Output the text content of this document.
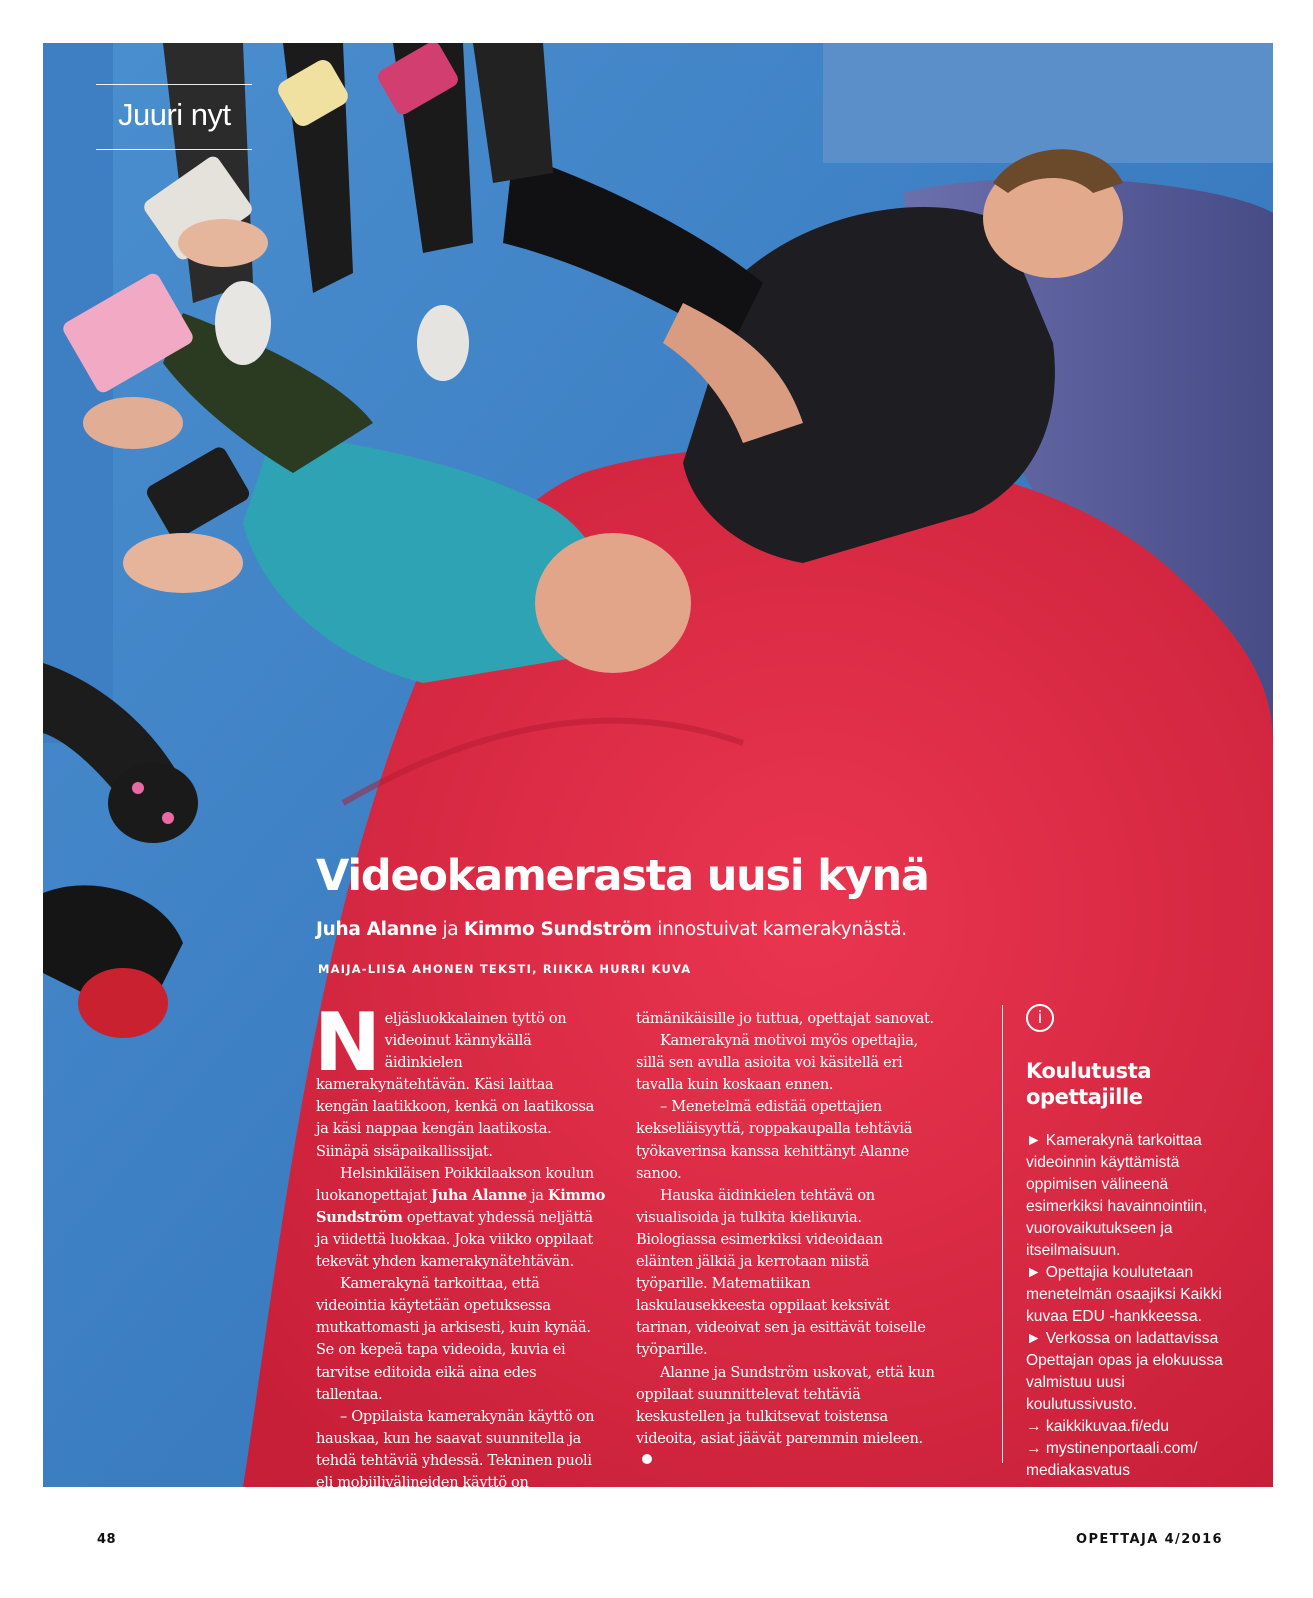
Juuri nyt
Videokamerasta uusi kynä
Juha Alanne ja Kimmo Sundström innostuivat kamerakynästä.
MAIJA-LIISA AHONEN TEKSTI, RIIKKA HURRI KUVA

Neljäsluokkalainen tyttö on videoinut kännykällä äidinkielen kamerakynätehtävän. Käsi laittaa kengän laatikkoon, kenkä on laatikossa ja käsi nappaa kengän laatikosta. Siinäpä sisäpaikallissijat.

Helsinkiläisen Poikkilaakson koulun luokanopettajat Juha Alanne ja Kimmo Sundström opettavat yhdessä neljättä ja viidettä luokkaa. Joka viikko oppilaat tekevät yhden kamerakynätehtävän.

Kamerakynä tarkoittaa, että videointia käytetään opetuksessa mutkattomasti ja arkisesti, kuin kynää. Se on kepeä tapa videoida, kuvia ei tarvitse editoida eikä aina edes tallentaa.

– Oppilaista kamerakynän käyttö on hauskaa, kun he saavat suunnitella ja tehdä tehtäviä yhdessä. Tekninen puoli eli mobiilivälineiden käyttö on

tämänikäisille jo tuttua, opettajat sanovat.

Kamerakynä motivoi myös opettajia, sillä sen avulla asioita voi käsitellä eri tavalla kuin koskaan ennen.

– Menetelmä edistää opettajien kekseliäisyyttä, roppakaupalla tehtäviä työkaverinsa kanssa kehittänyt Alanne sanoo.

Hauska äidinkielen tehtävä on visualisoida ja tulkita kielikuvia. Biologiassa esimerkiksi videoidaan eläinten jälkiä ja kerrotaan niistä työparille. Matematiikan laskulausekkeesta oppilaat keksivät tarinan, videoivat sen ja esittävät toiselle työparille.

Alanne ja Sundström uskovat, että kun oppilaat suunnittelevat tehtäviä keskustellen ja tulkitsevat toistensa videoita, asiat jäävät paremmin mieleen.

i
Koulutusta opettajille
► Kamerakynä tarkoittaa videoinnin käyttämistä oppimisen välineenä esimerkiksi havainnointiin, vuorovaikutukseen ja itseilmaisuun.
► Opettajia koulutetaan menetelmän osaajiksi Kaikki kuvaa EDU -hankkeessa.
► Verkossa on ladattavissa Opettajan opas ja elokuussa valmistuu uusi koulutussivusto.
→ kaikkikuvaa.fi/edu
→ mystinenportaali.com/ mediakasvatus
48	OPETTAJA 4/2016
